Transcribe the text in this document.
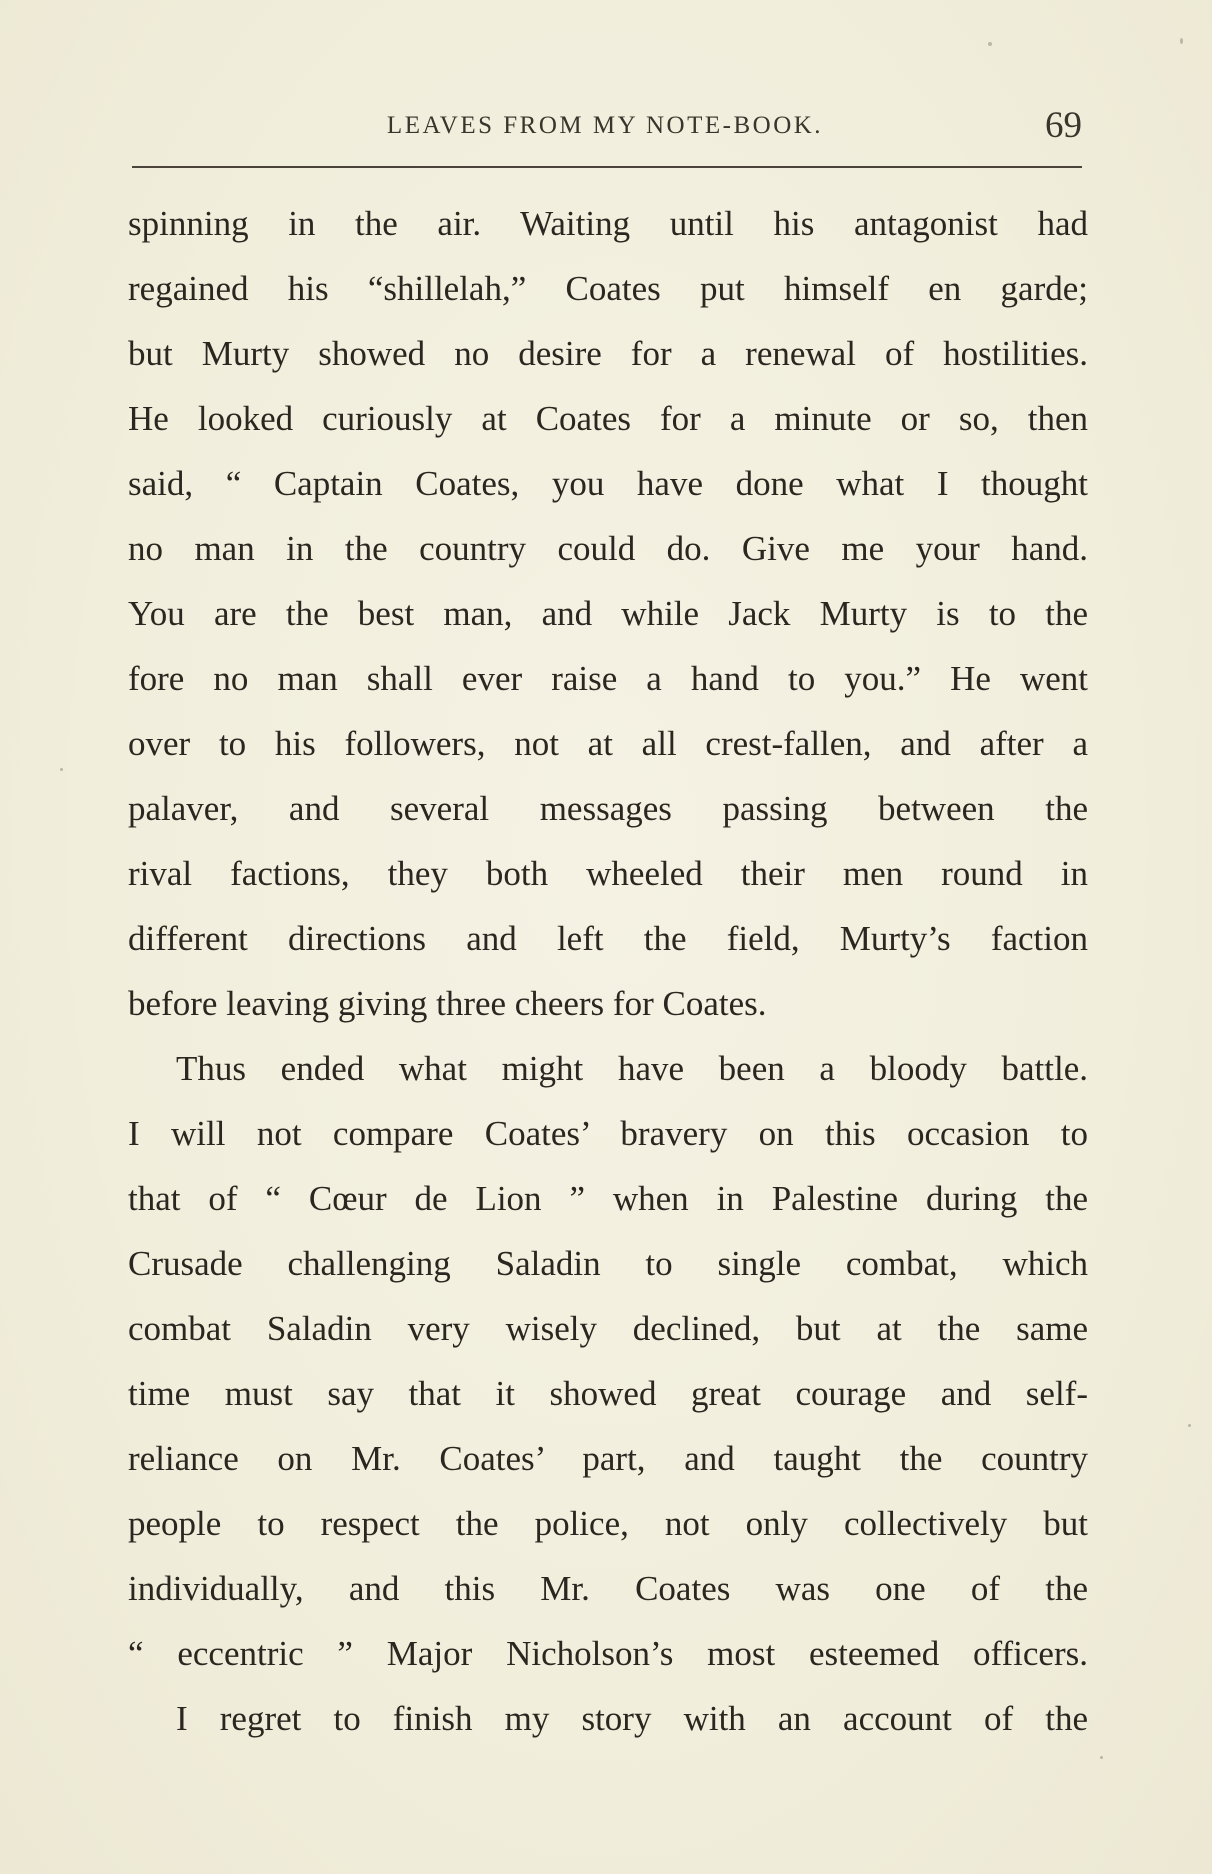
LEAVES FROM MY NOTE-BOOK.	69
spinning in the air. Waiting until his antagonist had
regained his “shillelah,” Coates put himself en garde;
but Murty showed no desire for a renewal of hostilities.
He looked curiously at Coates for a minute or so, then
said, “ Captain Coates, you have done what I thought
no man in the country could do. Give me your hand.
You are the best man, and while Jack Murty is to the
fore no man shall ever raise a hand to you.” He went
over to his followers, not at all crest-fallen, and after a
palaver, and several messages passing between the
rival factions, they both wheeled their men round in
different directions and left the field, Murty’s faction
before leaving giving three cheers for Coates.
Thus ended what might have been a bloody battle.
I will not compare Coates’ bravery on this occasion to
that of “ Cœur de Lion ” when in Palestine during the
Crusade challenging Saladin to single combat, which
combat Saladin very wisely declined, but at the same
time must say that it showed great courage and self-
reliance on Mr. Coates’ part, and taught the country
people to respect the police, not only collectively but
individually, and this Mr. Coates was one of the
“ eccentric ” Major Nicholson’s most esteemed officers.
I regret to finish my story with an account of the
